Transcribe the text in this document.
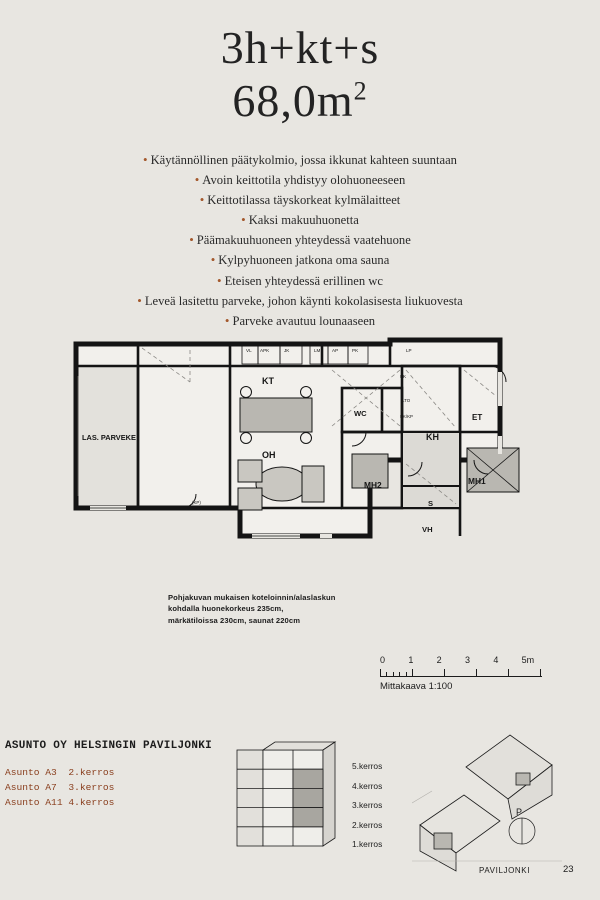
3h+kt+s
$68,0m^2$
• Käytännöllinen päätykolmio, jossa ikkunat kahteen suuntaan
• Avoin keittotila yhdistyy olohuoneeseen
• Keittotilassa täyskorkeat kylmälaitteet
• Kaksi makuuhuonetta
• Päämakuuhuoneen yhteydessä vaatehuone
• Kylpyhuoneen jatkona oma sauna
• Eteisen yhteydessä erillinen wc
• Leveä lasitettu parveke, johon käynti kokolasisesta liukuovesta
• Parveke avautuu lounaaseen
VL APK	JK	LM	AP	PK	LP
LAS. PARVEKE
KT
OH
WC
KH
ET
MH2	MH1
S
VH
RK
LTO
PK/KP
(KP)
Pohjakuvan mukaisen koteloinnin/alaslaskun
kohdalla huonekorkeus 235cm,
märkätiloissa 230cm, saunat 220cm
0	1	2	3	4	5m
Mittakaava 1:100
ASUNTO OY HELSINGIN PAVILJONKI
Asunto A3 2.kerros
Asunto A7 3.kerros
Asunto A11 4.kerros
5.kerros
4.kerros
3.kerros
2.kerros
1.kerros
P
PAVILJONKI	23
